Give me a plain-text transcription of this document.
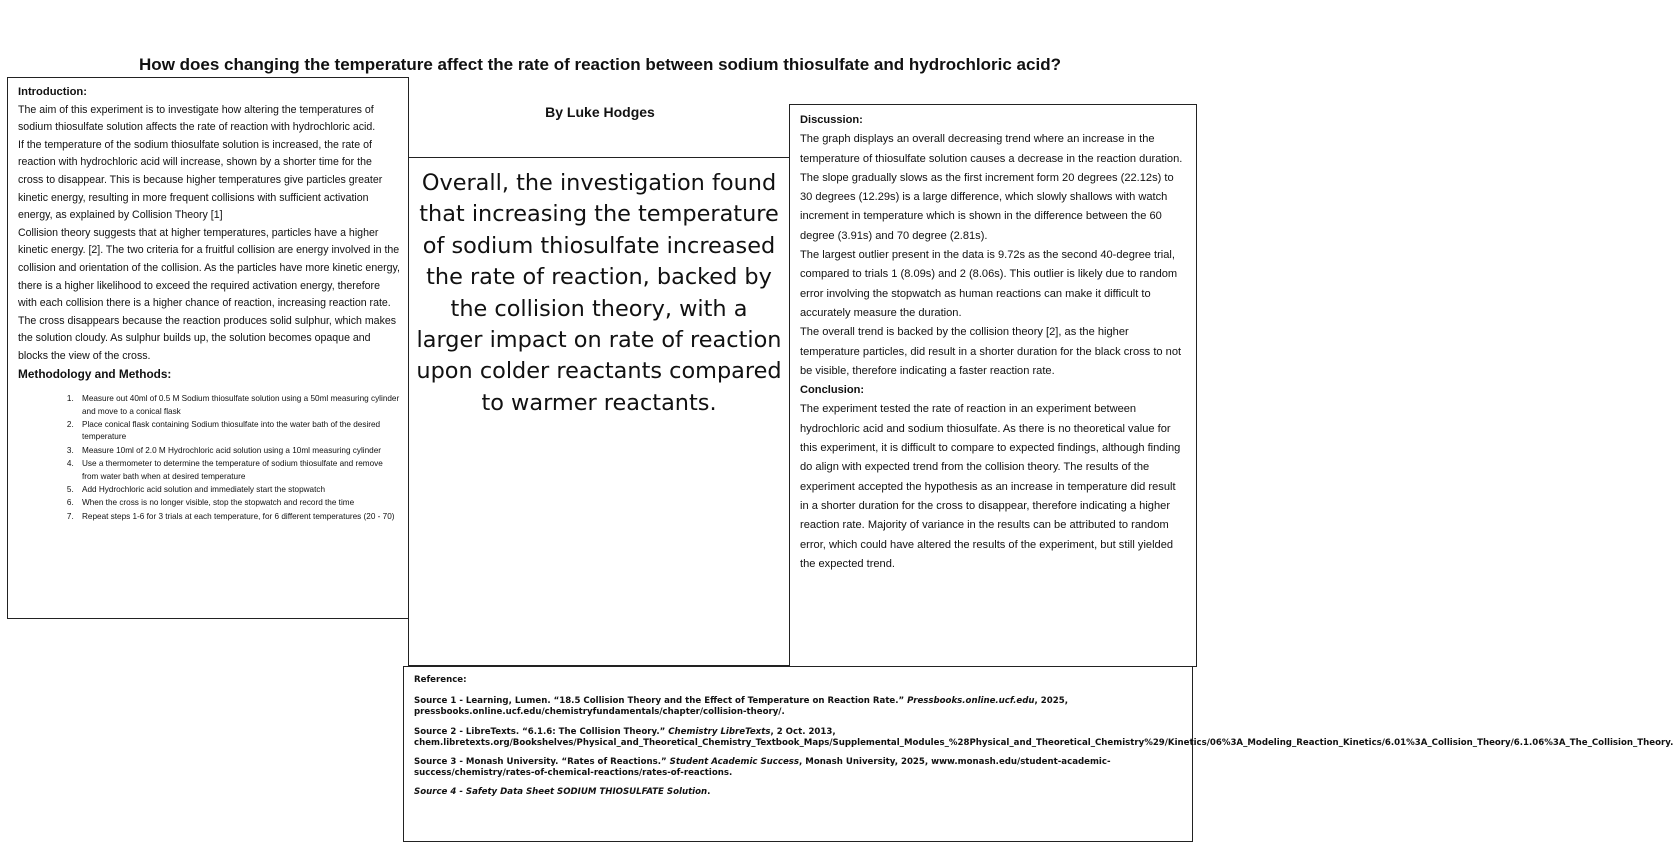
How does changing the temperature affect the rate of reaction between sodium thiosulfate and hydrochloric acid?
By Luke Hodges
Introduction:

The aim of this experiment is to investigate how altering the temperatures of sodium thiosulfate solution affects the rate of reaction with hydrochloric acid.

If the temperature of the sodium thiosulfate solution is increased, the rate of reaction with hydrochloric acid will increase, shown by a shorter time for the cross to disappear. This is because higher temperatures give particles greater kinetic energy, resulting in more frequent collisions with sufficient activation energy, as explained by Collision Theory [1]

Collision theory suggests that at higher temperatures, particles have a higher kinetic energy. [2]. The two criteria for a fruitful collision are energy involved in the collision and orientation of the collision. As the particles have more kinetic energy, there is a higher likelihood to exceed the required activation energy, therefore with each collision there is a higher chance of reaction, increasing reaction rate. The cross disappears because the reaction produces solid sulphur, which makes the solution cloudy. As sulphur builds up, the solution becomes opaque and blocks the view of the cross.

Methodology and Methods:
1. Measure out 40ml of 0.5 M Sodium thiosulfate solution using a 50ml measuring cylinder and move to a conical flask
2. Place conical flask containing Sodium thiosulfate into the water bath of the desired temperature
3. Measure 10ml of 2.0 M Hydrochloric acid solution using a 10ml measuring cylinder
4. Use a thermometer to determine the temperature of sodium thiosulfate and remove from water bath when at desired temperature
5. Add Hydrochloric acid solution and immediately start the stopwatch
6. When the cross is no longer visible, stop the stopwatch and record the time
7. Repeat steps 1-6 for 3 trials at each temperature, for 6 different temperatures (20 - 70)
Overall, the investigation found that increasing the temperature of sodium thiosulfate increased the rate of reaction, backed by the collision theory, with a larger impact on rate of reaction upon colder reactants compared to warmer reactants.
Discussion:

The graph displays an overall decreasing trend where an increase in the temperature of thiosulfate solution causes a decrease in the reaction duration. The slope gradually slows as the first increment form 20 degrees (22.12s) to 30 degrees (12.29s) is a large difference, which slowly shallows with watch increment in temperature which is shown in the difference between the 60 degree (3.91s) and 70 degree (2.81s).

The largest outlier present in the data is 9.72s as the second 40-degree trial, compared to trials 1 (8.09s) and 2 (8.06s). This outlier is likely due to random error involving the stopwatch as human reactions can make it difficult to accurately measure the duration.

The overall trend is backed by the collision theory [2], as the higher temperature particles, did result in a shorter duration for the black cross to not be visible, therefore indicating a faster reaction rate.

Conclusion:

The experiment tested the rate of reaction in an experiment between hydrochloric acid and sodium thiosulfate. As there is no theoretical value for this experiment, it is difficult to compare to expected findings, although finding do align with expected trend from the collision theory. The results of the experiment accepted the hypothesis as an increase in temperature did result in a shorter duration for the cross to disappear, therefore indicating a higher reaction rate. Majority of variance in the results can be attributed to random error, which could have altered the results of the experiment, but still yielded the expected trend.

Reference:

Source 1 - Learning, Lumen. “18.5 Collision Theory and the Effect of Temperature on Reaction Rate.” Pressbooks.online.ucf.edu, 2025, pressbooks.online.ucf.edu/chemistryfundamentals/chapter/collision-theory/.

Source 2 - LibreTexts. “6.1.6: The Collision Theory.” Chemistry LibreTexts, 2 Oct. 2013, chem.libretexts.org/Bookshelves/Physical_and_Theoretical_Chemistry_Textbook_Maps/Supplemental_Modules_%28Physical_and_Theoretical_Chemistry%29/Kinetics/06%3A_Modeling_Reaction_Kinetics/6.01%3A_Collision_Theory/6.1.06%3A_The_Collision_Theory.

Source 3 - Monash University. “Rates of Reactions.” Student Academic Success, Monash University, 2025, www.monash.edu/student-academic-success/chemistry/rates-of-chemical-reactions/rates-of-reactions.

Source 4 - Safety Data Sheet SODIUM THIOSULFATE Solution.
